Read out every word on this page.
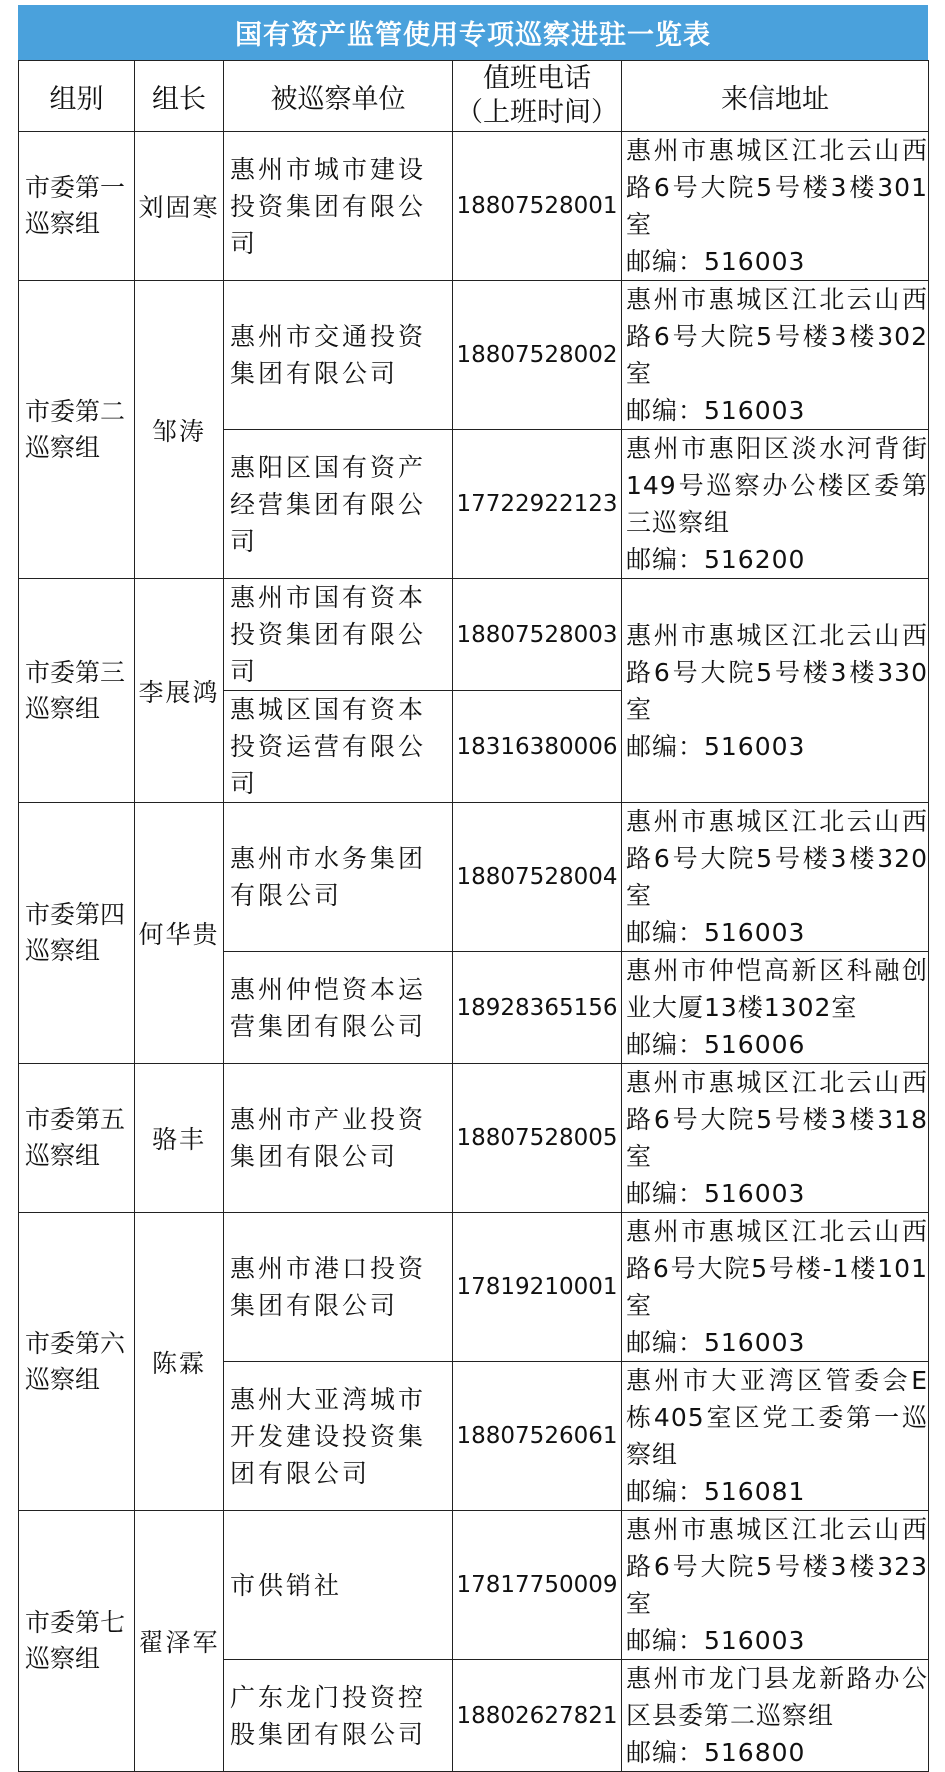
国有资产监管使用专项巡察进驻一览表
组别	组长	被巡察单位	值班电话
（上班时间）	来信地址
市委第一巡察组	刘固寒	惠州市城市建设投资集团有限公司	18807528001	惠州市惠城区江北云山西路6号大院5号楼3楼301室
邮编：516003

市委第二巡察组	邹涛	惠州市交通投资集团有限公司	18807528002	惠州市惠城区江北云山西路6号大院5号楼3楼302室
邮编：516003

		惠阳区国有资产经营集团有限公司	17722922123	惠州市惠阳区淡水河背街149号巡察办公楼区委第三巡察组
邮编：516200

市委第三巡察组	李展鸿	惠州市国有资本投资集团有限公司	18807528003	惠州市惠城区江北云山西路6号大院5号楼3楼330室
邮编：516003

		惠城区国有资本投资运营有限公司	18316380006	
市委第四巡察组	何华贵	惠州市水务集团有限公司	18807528004	惠州市惠城区江北云山西路6号大院5号楼3楼320室
邮编：516003

		惠州仲恺资本运营集团有限公司	18928365156	惠州市仲恺高新区科融创业大厦13楼1302室
邮编：516006

市委第五巡察组	骆丰	惠州市产业投资集团有限公司	18807528005	惠州市惠城区江北云山西路6号大院5号楼3楼318室
邮编：516003

市委第六巡察组	陈霖	惠州市港口投资集团有限公司	17819210001	惠州市惠城区江北云山西路6号大院5号楼-1楼101室
邮编：516003

		惠州大亚湾城市开发建设投资集团有限公司	18807526061	惠州市大亚湾区管委会E栋405室区党工委第一巡察组
邮编：516081

市委第七巡察组	翟泽军	市供销社	17817750009	惠州市惠城区江北云山西路6号大院5号楼3楼323室
邮编：516003

		广东龙门投资控股集团有限公司	18802627821	惠州市龙门县龙新路办公区县委第二巡察组
邮编：516800
